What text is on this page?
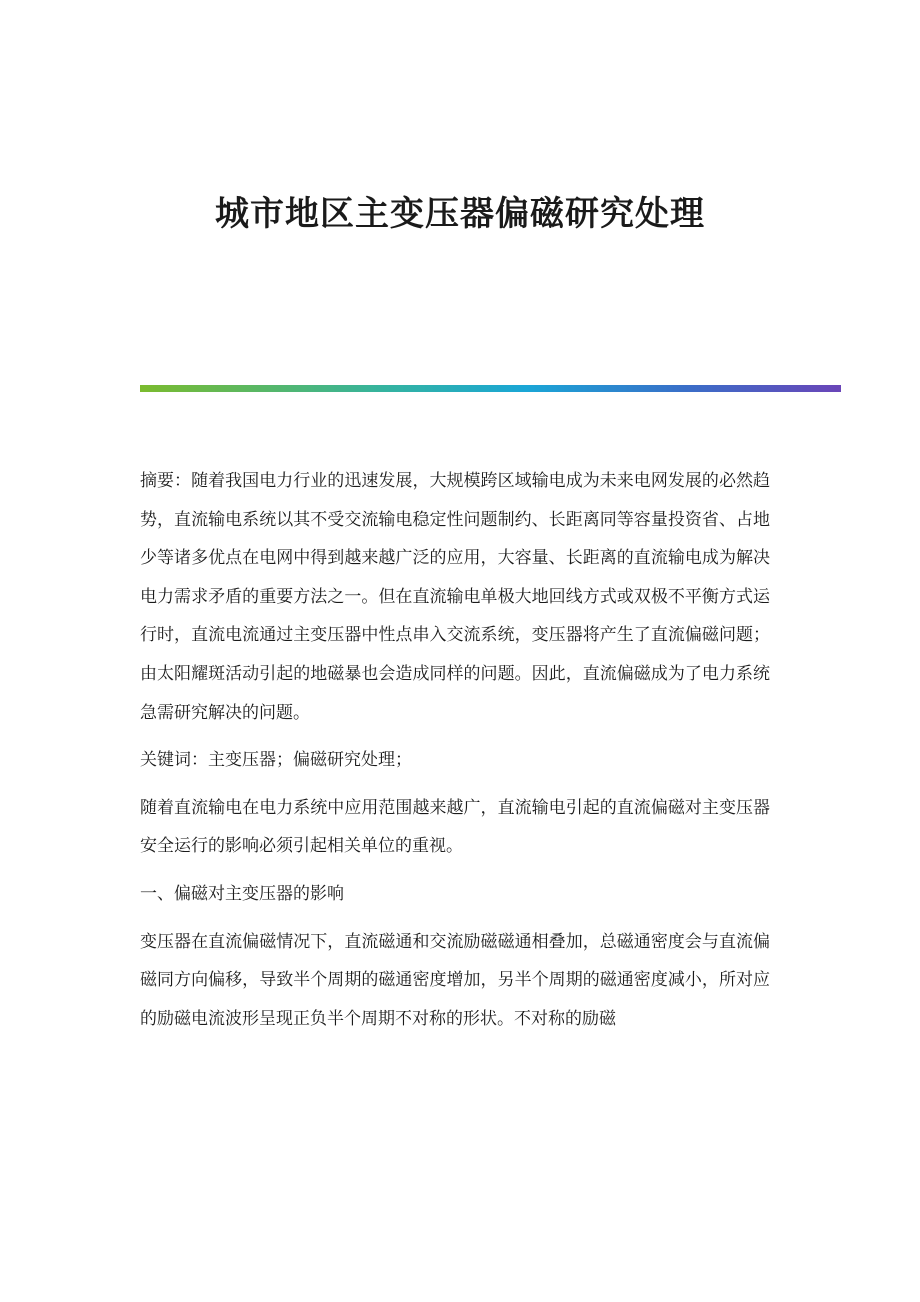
城市地区主变压器偏磁研究处理

摘要：随着我国电力行业的迅速发展，大规模跨区域输电成为未来电网发展的必然趋势，直流输电系统以其不受交流输电稳定性问题制约、长距离同等容量投资省、占地少等诸多优点在电网中得到越来越广泛的应用，大容量、长距离的直流输电成为解决电力需求矛盾的重要方法之一。但在直流输电单极大地回线方式或双极不平衡方式运行时，直流电流通过主变压器中性点串入交流系统，变压器将产生了直流偏磁问题；由太阳耀斑活动引起的地磁暴也会造成同样的问题。因此，直流偏磁成为了电力系统急需研究解决的问题。

关键词：主变压器；偏磁研究处理；

随着直流输电在电力系统中应用范围越来越广，直流输电引起的直流偏磁对主变压器安全运行的影响必须引起相关单位的重视。

一、偏磁对主变压器的影响

变压器在直流偏磁情况下，直流磁通和交流励磁磁通相叠加，总磁通密度会与直流偏磁同方向偏移，导致半个周期的磁通密度增加，另半个周期的磁通密度减小，所对应的励磁电流波形呈现正负半个周期不对称的形状。不对称的励磁
